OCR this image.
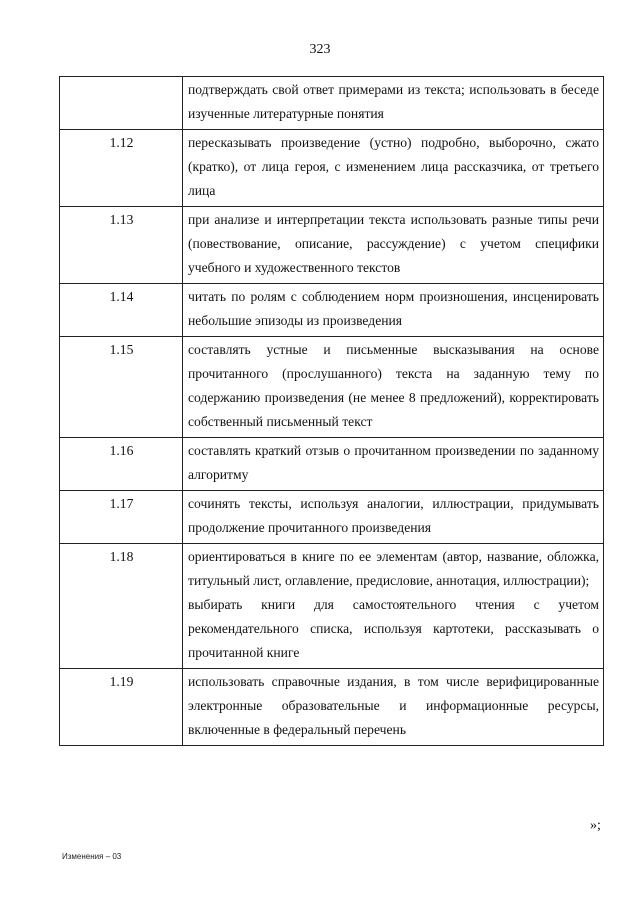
323

	подтверждать свой ответ примерами из текста; использовать в беседе изученные литературные понятия

1.12	пересказывать произведение (устно) подробно, выборочно, сжато (кратко), от лица героя, с изменением лица рассказчика, от третьего лица

1.13	при анализе и интерпретации текста использовать разные типы речи (повествование, описание, рассуждение) с учетом специфики учебного и художественного текстов

1.14	читать по ролям с соблюдением норм произношения, инсценировать небольшие эпизоды из произведения

1.15	составлять устные и письменные высказывания на основе прочитанного (прослушанного) текста на заданную тему по содержанию произведения (не менее 8 предложений), корректировать собственный письменный текст

1.16	составлять краткий отзыв о прочитанном произведении по заданному алгоритму

1.17	сочинять тексты, используя аналогии, иллюстрации, придумывать продолжение прочитанного произведения

1.18	ориентироваться в книге по ее элементам (автор, название, обложка, титульный лист, оглавление, предисловие, аннотация, иллюстрации);
выбирать книги для самостоятельного чтения с учетом рекомендательного списка, используя картотеки, рассказывать о прочитанной книге

1.19	использовать справочные издания, в том числе верифицированные электронные образовательные и информационные ресурсы, включенные в федеральный перечень
»;
Изменения – 03
